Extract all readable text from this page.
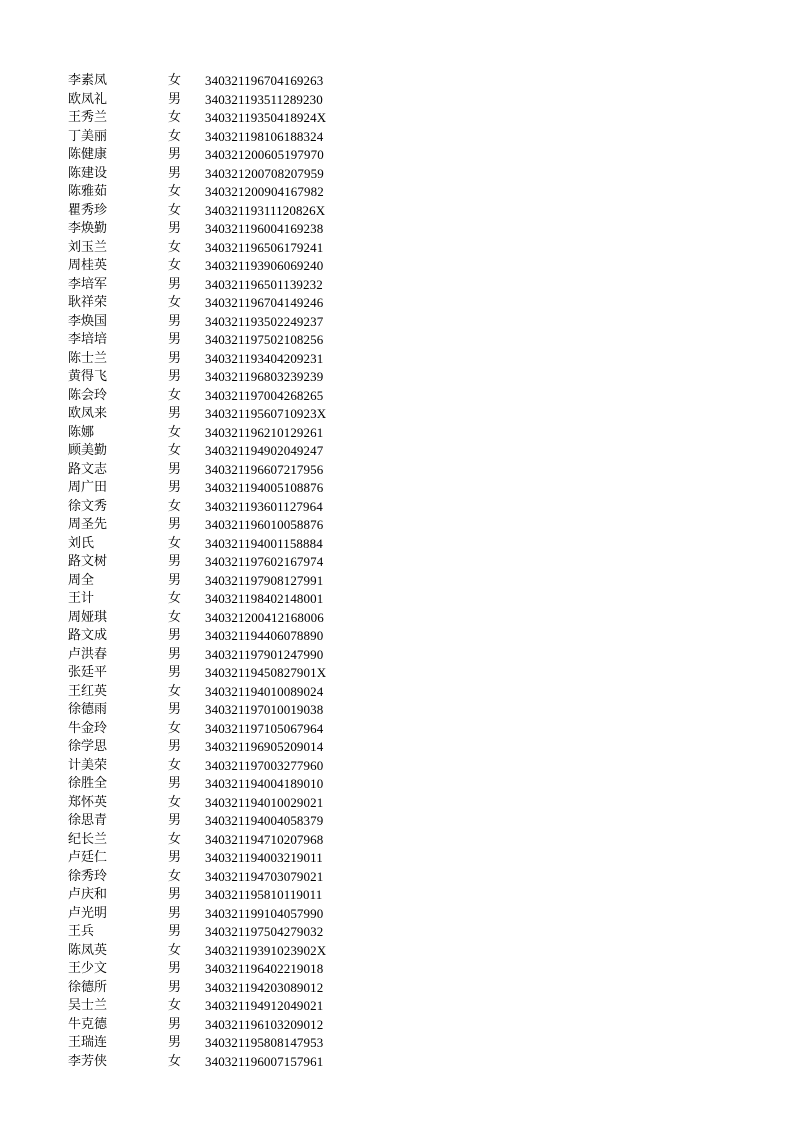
李素凤	女 340321196704169263
欧凤礼	男 340321193511289230
王秀兰	女 34032119350418924X
丁美丽	女 340321198106188324
陈健康	男 340321200605197970
陈建设	男 340321200708207959
陈雅茹	女 340321200904167982
瞿秀珍	女 34032119311120826X
李焕勤	男 340321196004169238
刘玉兰	女 340321196506179241
周桂英	女 340321193906069240
李培军	男 340321196501139232
耿祥荣	女 340321196704149246
李焕国	男 340321193502249237
李培培	男 340321197502108256
陈士兰	男 340321193404209231
黄得飞	男 340321196803239239
陈会玲	女 340321197004268265
欧凤来	男 34032119560710923X
陈娜	女 340321196210129261
顾美勤	女 340321194902049247
路文志	男 340321196607217956
周广田	男 340321194005108876
徐文秀	女 340321193601127964
周圣先	男 340321196010058876
刘氏	女 340321194001158884
路文树	男 340321197602167974
周全	男 340321197908127991
王计	女 340321198402148001
周娅琪	女 340321200412168006
路文成	男 340321194406078890
卢洪春	男 340321197901247990
张廷平	男 34032119450827901X
王红英	女 340321194010089024
徐德雨	男 340321197010019038
牛金玲	女 340321197105067964
徐学思	男 340321196905209014
计美荣	女 340321197003277960
徐胜全	男 340321194004189010
郑怀英	女 340321194010029021
徐思青	男 340321194004058379
纪长兰	女 340321194710207968
卢廷仁	男 340321194003219011
徐秀玲	女 340321194703079021
卢庆和	男 340321195810119011
卢光明	男 340321199104057990
王兵	男 340321197504279032
陈凤英	女 34032119391023902X
王少文	男 340321196402219018
徐德所	男 340321194203089012
吴士兰	女 340321194912049021
牛克德	男 340321196103209012
王瑞连	男 340321195808147953
李芳侠	女 340321196007157961
